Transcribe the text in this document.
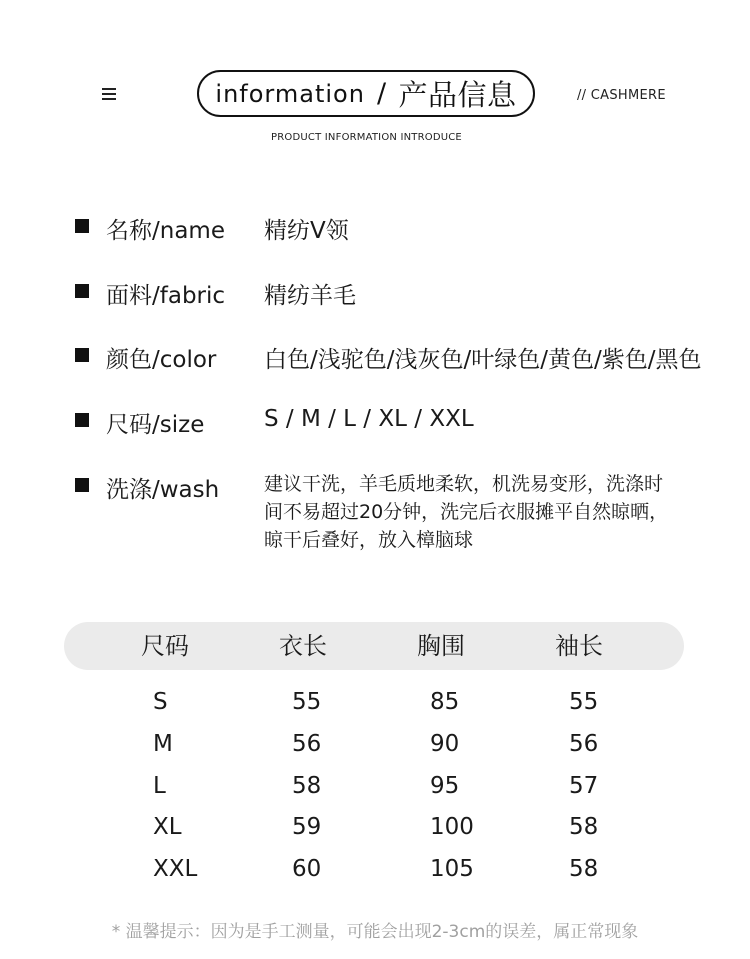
information / 产品信息	// CASHMERE
PRODUCT INFORMATION INTRODUCE
名称/name	精纺V领
面料/fabric	精纺羊毛
颜色/color	白色/浅驼色/浅灰色/叶绿色/黄色/紫色/黑色
尺码/size	S / M / L / XL / XXL
洗涤/wash	建议干洗，羊毛质地柔软，机洗易变形，洗涤时间不易超过20分钟，洗完后衣服摊平自然晾晒，晾干后叠好，放入樟脑球
尺码	衣长	胸围	袖长
S	55	85	55
M	56	90	56
L	58	95	57
XL	59	100	58
XXL	60	105	58
* 温馨提示：因为是手工测量，可能会出现2-3cm的误差，属正常现象
